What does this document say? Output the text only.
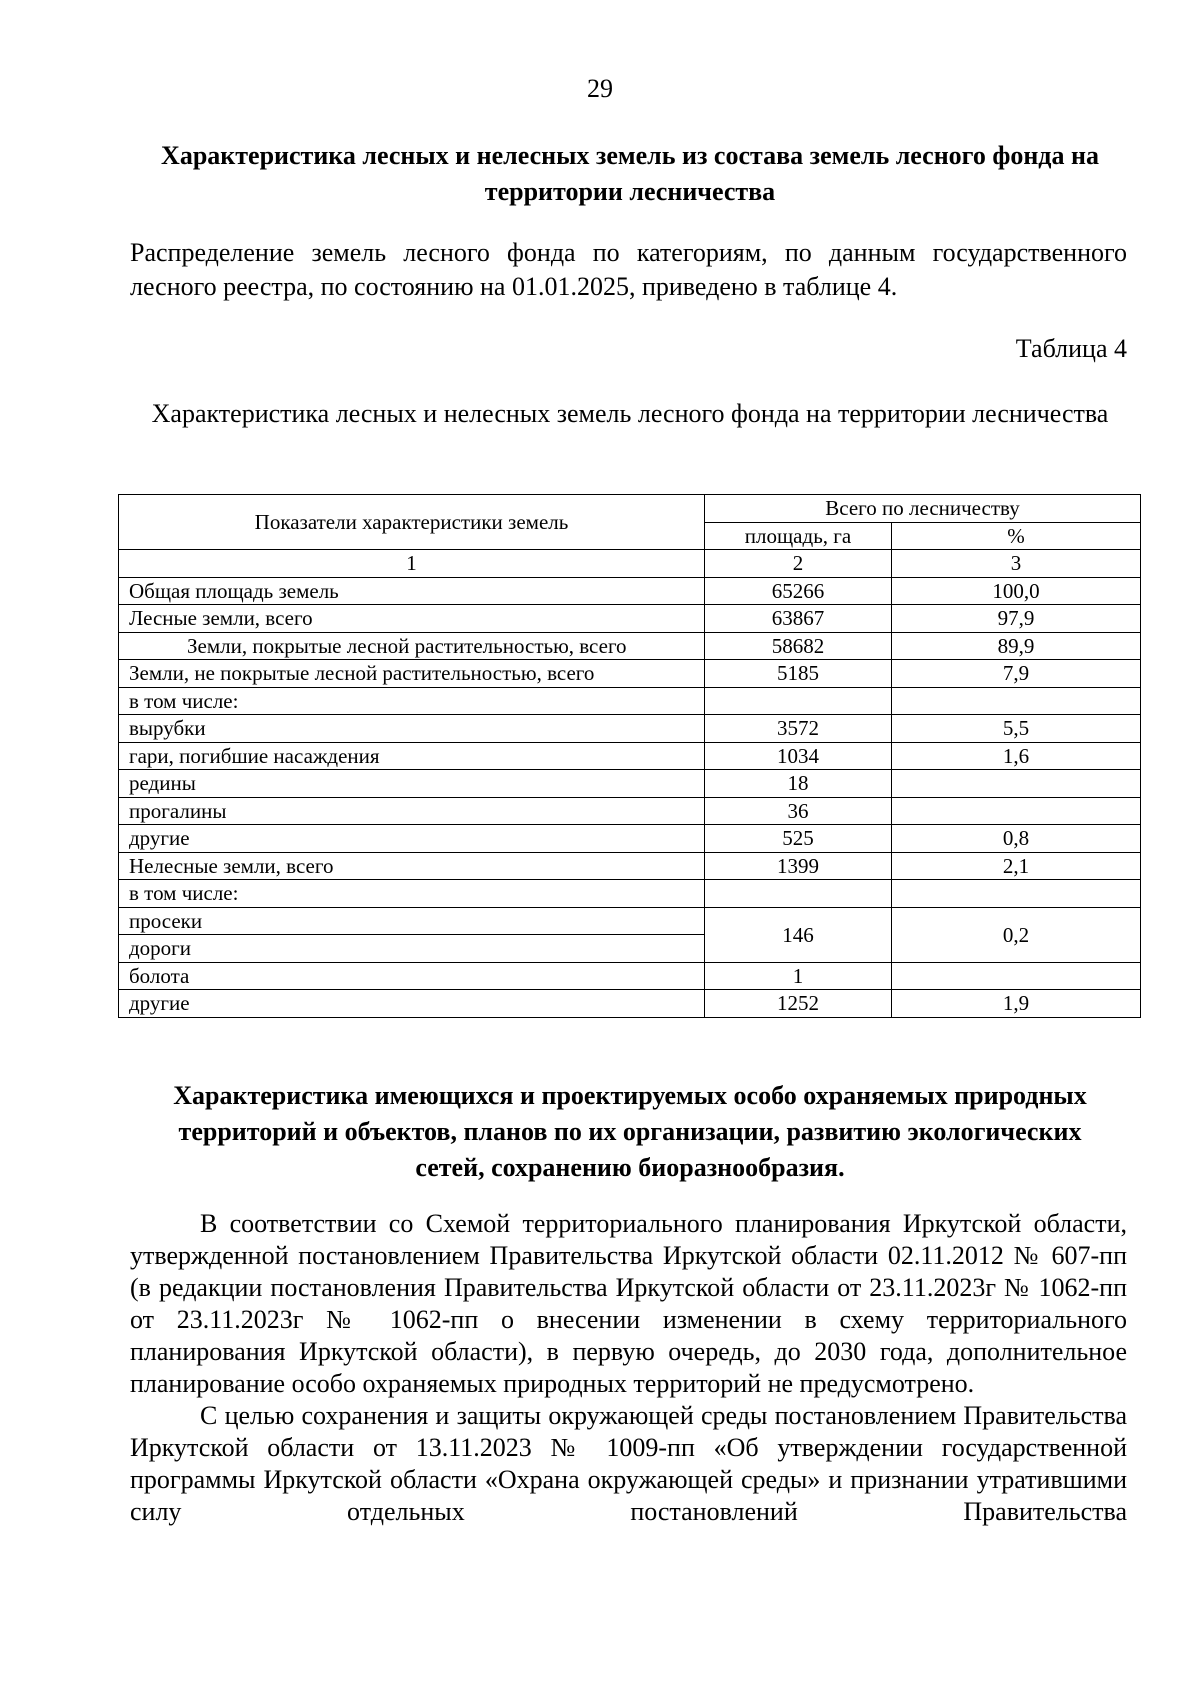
29
Характеристика лесных и нелесных земель из состава земель лесного фонда на территории лесничества
Распределение земель лесного фонда по категориям, по данным государственного лесного реестра, по состоянию на 01.01.2025, приведено в таблице 4.
Таблица 4
Характеристика лесных и нелесных земель лесного фонда на территории лесничества
Показатели характеристики земель	Всего по лесничеству	
	площадь, га	%
1	2	3
Общая площадь земель	65266	100,0
Лесные земли, всего	63867	97,9
Земли, покрытые лесной растительностью, всего	58682	89,9
Земли, не покрытые лесной растительностью, всего	5185	7,9
в том числе:		
вырубки	3572	5,5
гари, погибшие насаждения	1034	1,6
редины	18	
прогалины	36	
другие	525	0,8
Нелесные земли, всего	1399	2,1
в том числе:		
просеки	146	0,2
дороги		
болота	1	
другие	1252	1,9
Характеристика имеющихся и проектируемых особо охраняемых природных территорий и объектов, планов по их организации, развитию экологических сетей, сохранению биоразнообразия.

В соответствии со Схемой территориального планирования Иркутской области, утвержденной постановлением Правительства Иркутской области 02.11.2012 № 607-пп (в редакции постановления Правительства Иркутской области от 23.11.2023г № 1062-пп от 23.11.2023г № 1062-пп о внесении изменении в схему территориального планирования Иркутской области), в первую очередь, до 2030 года, дополнительное планирование особо охраняемых природных территорий не предусмотрено.

С целью сохранения и защиты окружающей среды постановлением Правительства Иркутской области от 13.11.2023 № 1009-пп «Об утверждении государственной программы Иркутской области «Охрана окружающей среды» и признании утратившими силу отдельных постановлений Правительства
